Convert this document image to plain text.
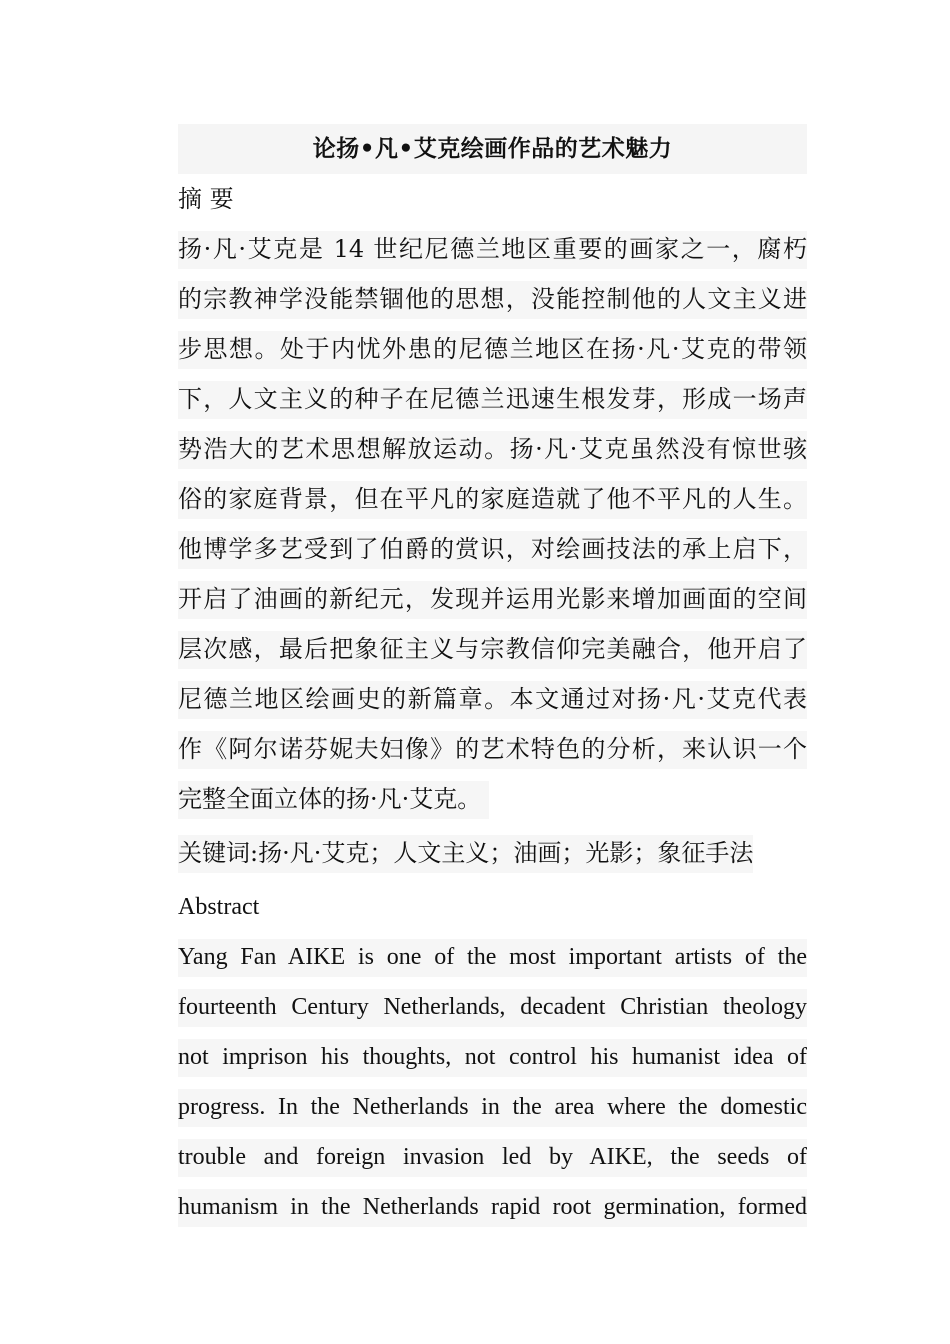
论扬•凡•艾克绘画作品的艺术魅力
摘 要
扬·凡·艾克是 14 世纪尼德兰地区重要的画家之一，腐朽
的宗教神学没能禁锢他的思想，没能控制他的人文主义进
步思想。处于内忧外患的尼德兰地区在扬·凡·艾克的带领
下，人文主义的种子在尼德兰迅速生根发芽，形成一场声
势浩大的艺术思想解放运动。扬·凡·艾克虽然没有惊世骇
俗的家庭背景，但在平凡的家庭造就了他不平凡的人生。
他博学多艺受到了伯爵的赏识，对绘画技法的承上启下，
开启了油画的新纪元，发现并运用光影来增加画面的空间
层次感，最后把象征主义与宗教信仰完美融合，他开启了
尼德兰地区绘画史的新篇章。本文通过对扬·凡·艾克代表
作《阿尔诺芬妮夫妇像》的艺术特色的分析，来认识一个
完整全面立体的扬·凡·艾克。
关键词:扬·凡·艾克；人文主义；油画；光影；象征手法
Abstract
Yang Fan AIKE is one of the most important artists of the
fourteenth Century Netherlands, decadent Christian theology
not imprison his thoughts, not control his humanist idea of
progress. In the Netherlands in the area where the domestic
trouble and foreign invasion led by AIKE, the seeds of
humanism in the Netherlands rapid root germination, formed
